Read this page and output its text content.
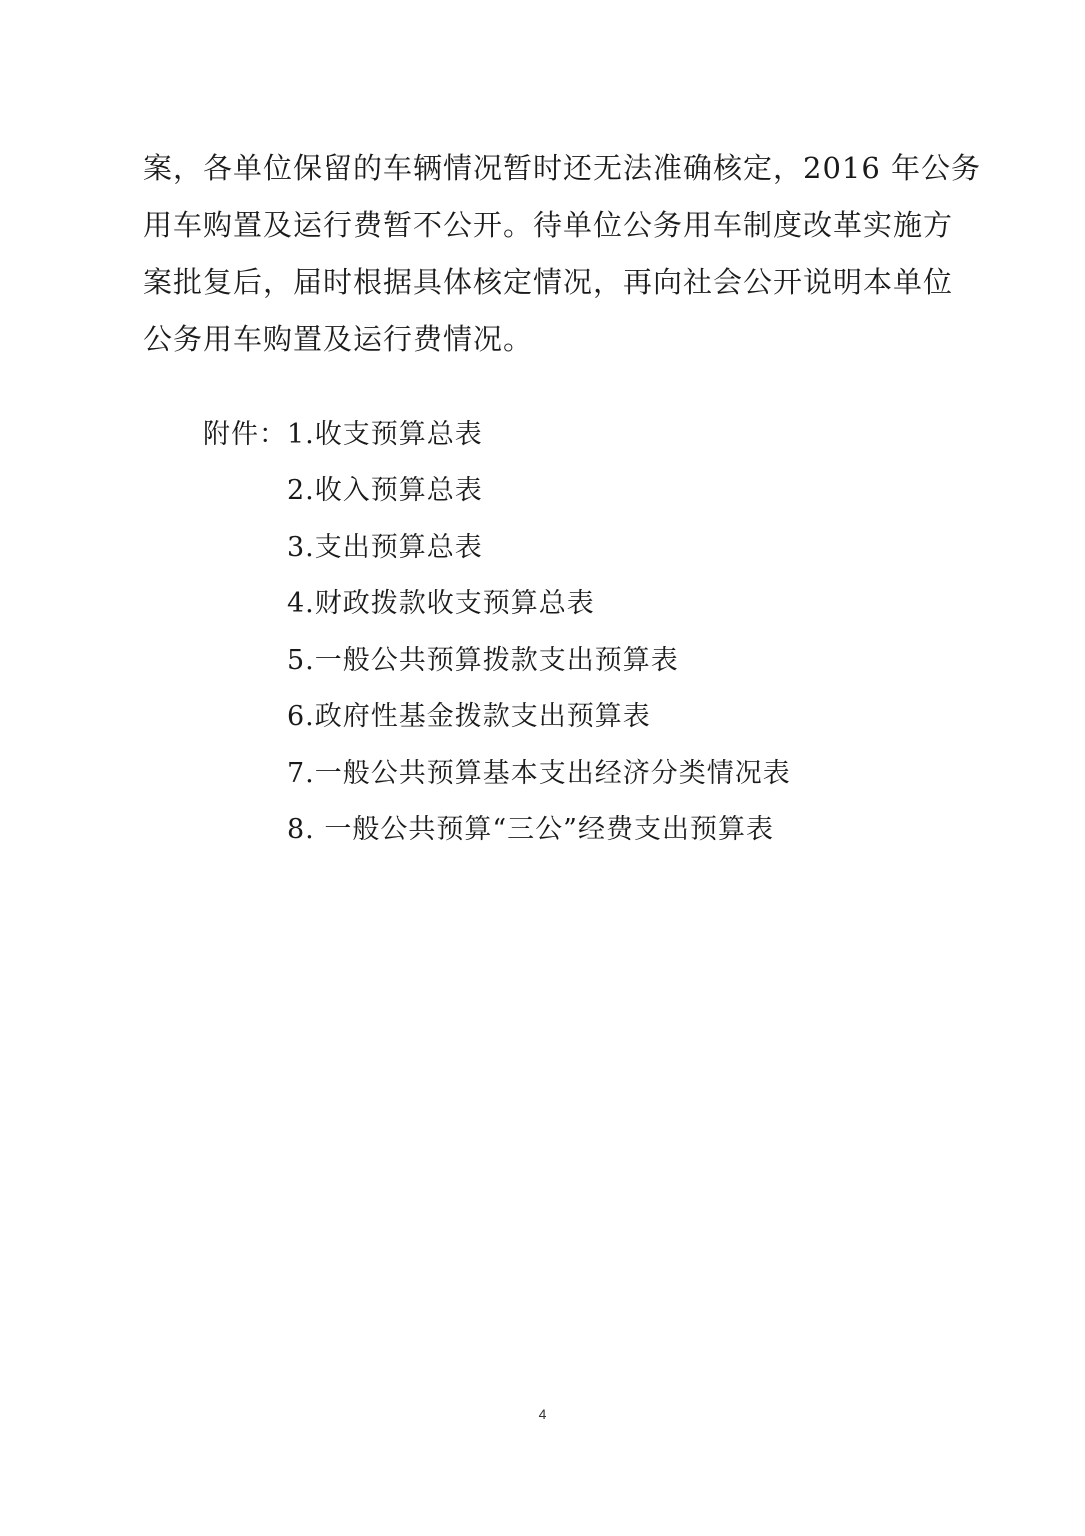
案，各单位保留的车辆情况暂时还无法准确核定，2016 年公务
用车购置及运行费暂不公开。待单位公务用车制度改革实施方
案批复后，届时根据具体核定情况，再向社会公开说明本单位
公务用车购置及运行费情况。
附件： 1.收支预算总表
2.收入预算总表
3.支出预算总表
4.财政拨款收支预算总表
5.一般公共预算拨款支出预算表
6.政府性基金拨款支出预算表
7.一般公共预算基本支出经济分类情况表
8. 一般公共预算“三公”经费支出预算表
4
